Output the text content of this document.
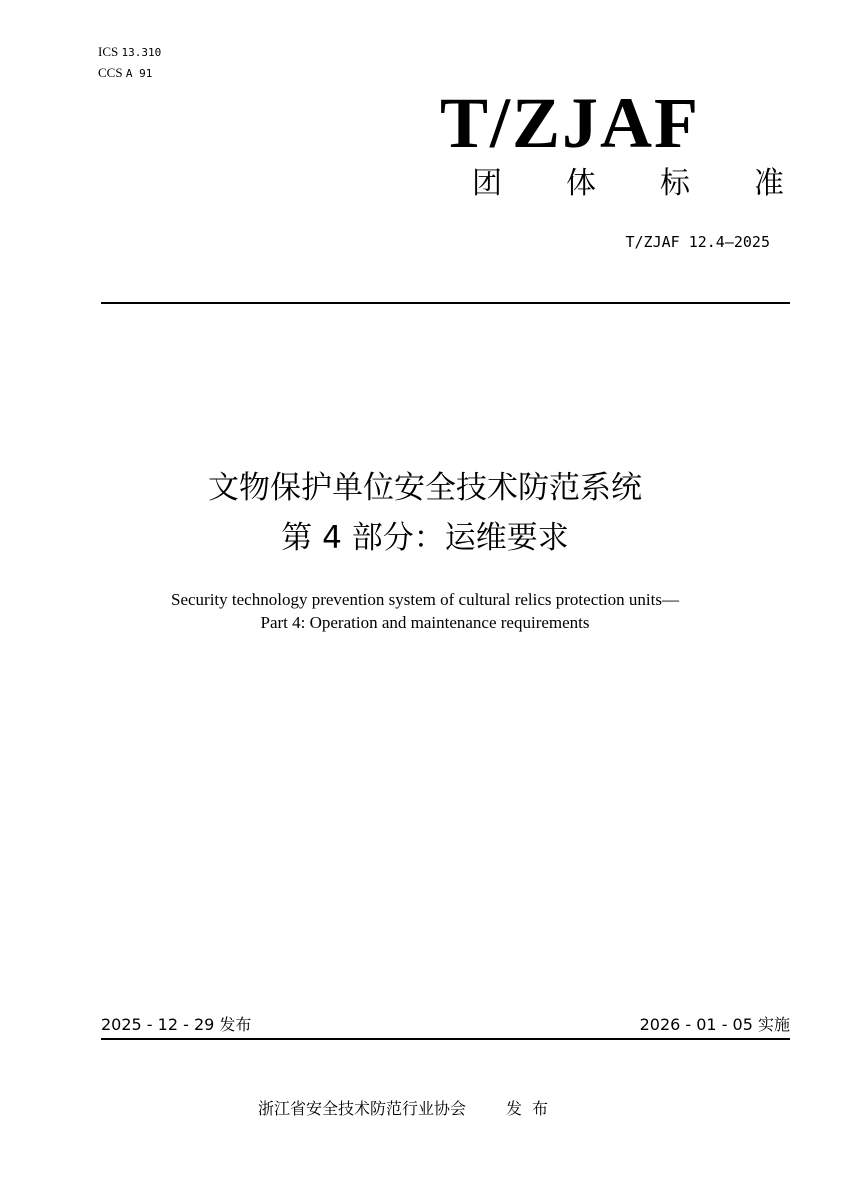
ICS 13.310
CCS A 91
T/ZJAF
团 体 标 准
T/ZJAF 12.4—2025
文物保护单位安全技术防范系统
第 4 部分：运维要求
Security technology prevention system of cultural relics protection units—
Part 4: Operation and maintenance requirements
2025 - 12 - 29 发布	2026 - 01 - 05 实施
浙江省安全技术防范行业协会	发布
